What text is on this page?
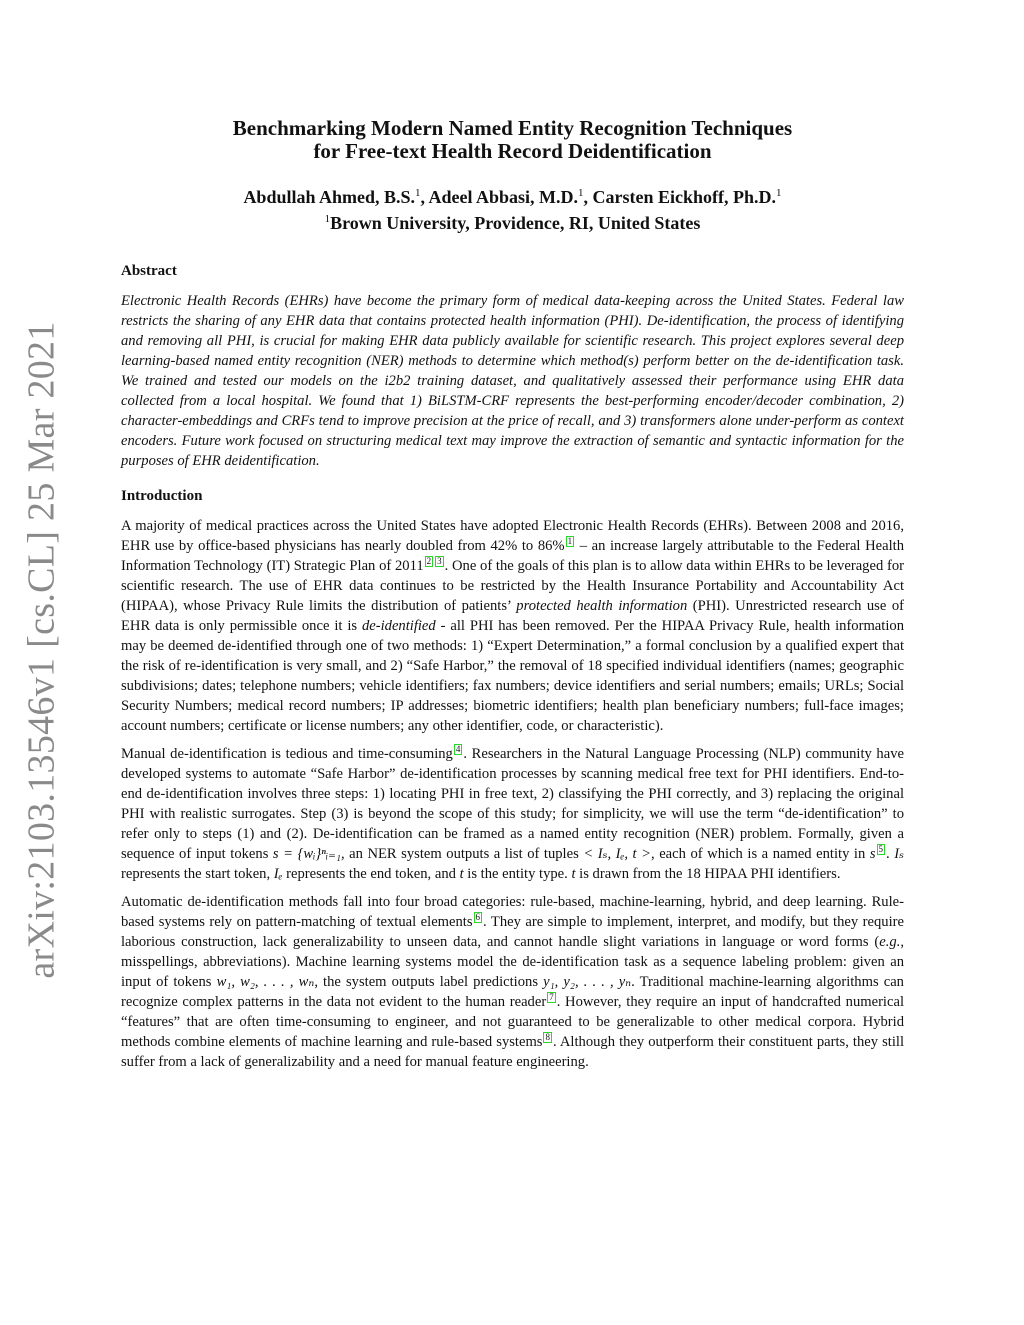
arXiv:2103.13546v1 [cs.CL] 25 Mar 2021
Benchmarking Modern Named Entity Recognition Techniques
for Free-text Health Record Deidentification
Abdullah Ahmed, B.S.$^1$, Adeel Abbasi, M.D.$^1$, Carsten Eickhoff, Ph.D.$^1$
$^1$Brown University, Providence, RI, United States
Abstract

Electronic Health Records (EHRs) have become the primary form of medical data-keeping across the United States. Federal law restricts the sharing of any EHR data that contains protected health information (PHI). De-identification, the process of identifying and removing all PHI, is crucial for making EHR data publicly available for scientific research. This project explores several deep learning-based named entity recognition (NER) methods to determine which method(s) perform better on the de-identification task. We trained and tested our models on the i2b2 training dataset, and qualitatively assessed their performance using EHR data collected from a local hospital. We found that 1) BiLSTM-CRF represents the best-performing encoder/decoder combination, 2) character-embeddings and CRFs tend to improve precision at the price of recall, and 3) transformers alone under-perform as context encoders. Future work focused on structuring medical text may improve the extraction of semantic and syntactic information for the purposes of EHR deidentification.

Introduction

A majority of medical practices across the United States have adopted Electronic Health Records (EHRs). Between 2008 and 2016, EHR use by office-based physicians has nearly doubled from 42% to 86% 1 – an increase largely attributable to the Federal Health Information Technology (IT) Strategic Plan of 2011 2 3 . One of the goals of this plan is to allow data within EHRs to be leveraged for scientific research. The use of EHR data continues to be restricted by the Health Insurance Portability and Accountability Act (HIPAA), whose Privacy Rule limits the distribution of patients’ protected health information (PHI). Unrestricted research use of EHR data is only permissible once it is de-identified - all PHI has been removed. Per the HIPAA Privacy Rule, health information may be deemed de-identified through one of two methods: 1) “Expert Determination,” a formal conclusion by a qualified expert that the risk of re-identification is very small, and 2) “Safe Harbor,” the removal of 18 specified individual identifiers (names; geographic subdivisions; dates; telephone numbers; vehicle identifiers; fax numbers; device identifiers and serial numbers; emails; URLs; Social Security Numbers; medical record numbers; IP addresses; biometric identifiers; health plan beneficiary numbers; full-face images; account numbers; certificate or license numbers; any other identifier, code, or characteristic).

Manual de-identification is tedious and time-consuming 4 . Researchers in the Natural Language Processing (NLP) community have developed systems to automate “Safe Harbor” de-identification processes by scanning medical free text for PHI identifiers. End-to-end de-identification involves three steps: 1) locating PHI in free text, 2) classifying the PHI correctly, and 3) replacing the original PHI with realistic surrogates. Step (3) is beyond the scope of this study; for simplicity, we will use the term “de-identification” to refer only to steps (1) and (2). De-identification can be framed as a named entity recognition (NER) problem. Formally, given a sequence of input tokens s = {wᵢ}ⁿᵢ₌₁, an NER system outputs a list of tuples < Iₛ, Iₑ, t >, each of which is a named entity in s 5 . Iₛ represents the start token, Iₑ represents the end token, and t is the entity type. t is drawn from the 18 HIPAA PHI identifiers.

Automatic de-identification methods fall into four broad categories: rule-based, machine-learning, hybrid, and deep learning. Rule-based systems rely on pattern-matching of textual elements 6 . They are simple to implement, interpret, and modify, but they require laborious construction, lack generalizability to unseen data, and cannot handle slight variations in language or word forms (e.g., misspellings, abbreviations). Machine learning systems model the de-identification task as a sequence labeling problem: given an input of tokens w₁, w₂, . . . , wₙ, the system outputs label predictions y₁, y₂, . . . , yₙ. Traditional machine-learning algorithms can recognize complex patterns in the data not evident to the human reader 7 . However, they require an input of handcrafted numerical “features” that are often time-consuming to engineer, and not guaranteed to be generalizable to other medical corpora. Hybrid methods combine elements of machine learning and rule-based systems 8 . Although they outperform their constituent parts, they still suffer from a lack of generalizability and a need for manual feature engineering.
